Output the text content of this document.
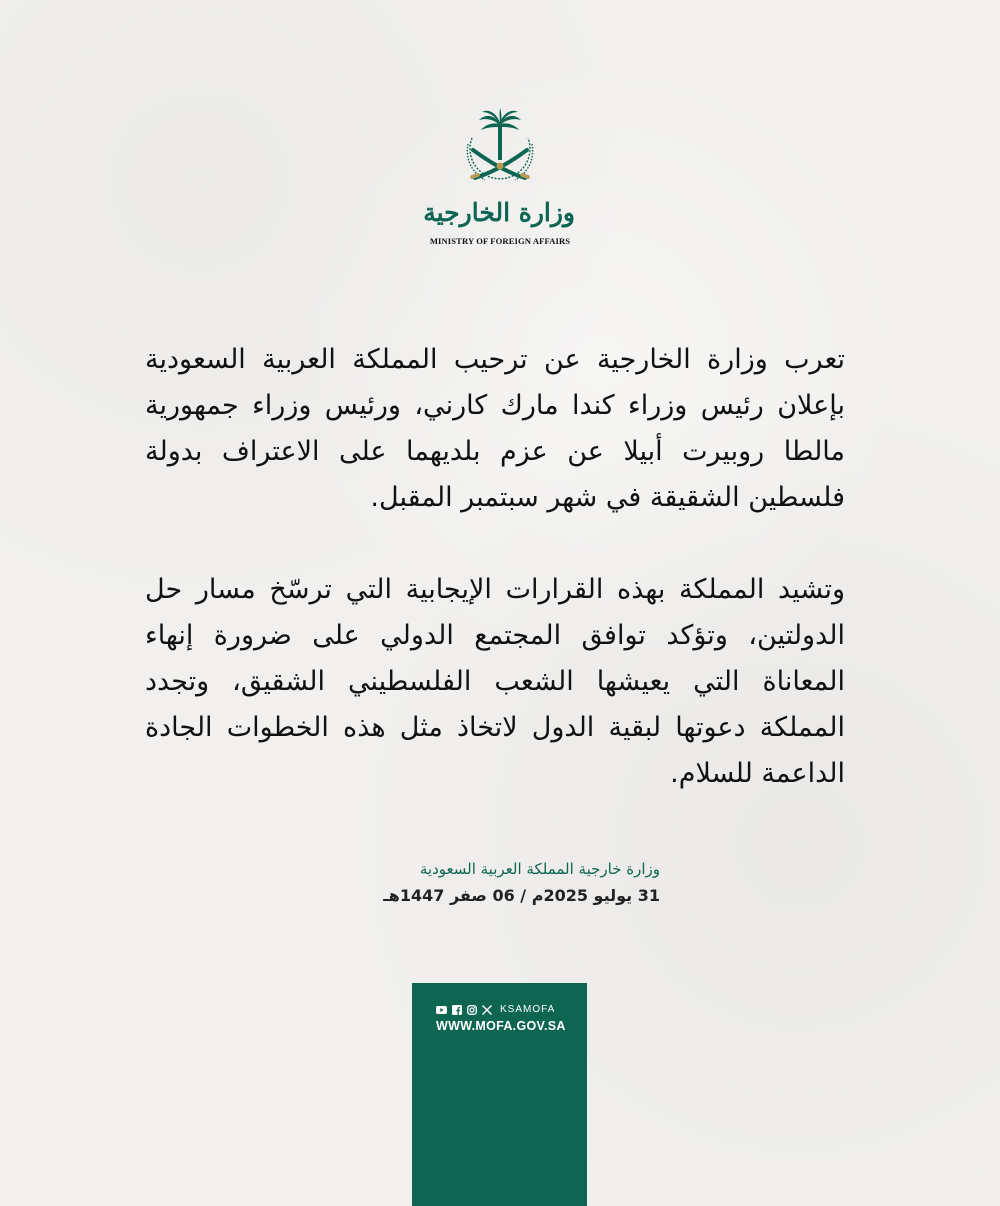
وزارة الخارجية
MINISTRY OF FOREIGN AFFAIRS

تعرب وزارة الخارجية عن ترحيب المملكة العربية السعودية بإعلان رئيس وزراء كندا مارك كارني، ورئيس وزراء جمهورية مالطا روبيرت أبيلا عن عزم بلديهما على الاعتراف بدولة فلسطين الشقيقة في شهر سبتمبر المقبل.

وتشيد المملكة بهذه القرارات الإيجابية التي ترسّخ مسار حل الدولتين، وتؤكد توافق المجتمع الدولي على ضرورة إنهاء المعاناة التي يعيشها الشعب الفلسطيني الشقيق، وتجدد المملكة دعوتها لبقية الدول لاتخاذ مثل هذه الخطوات الجادة الداعمة للسلام.

وزارة خارجية المملكة العربية السعودية
31 يوليو 2025م / 06 صفر 1447هـ
KSAMOFA
WWW.MOFA.GOV.SA
